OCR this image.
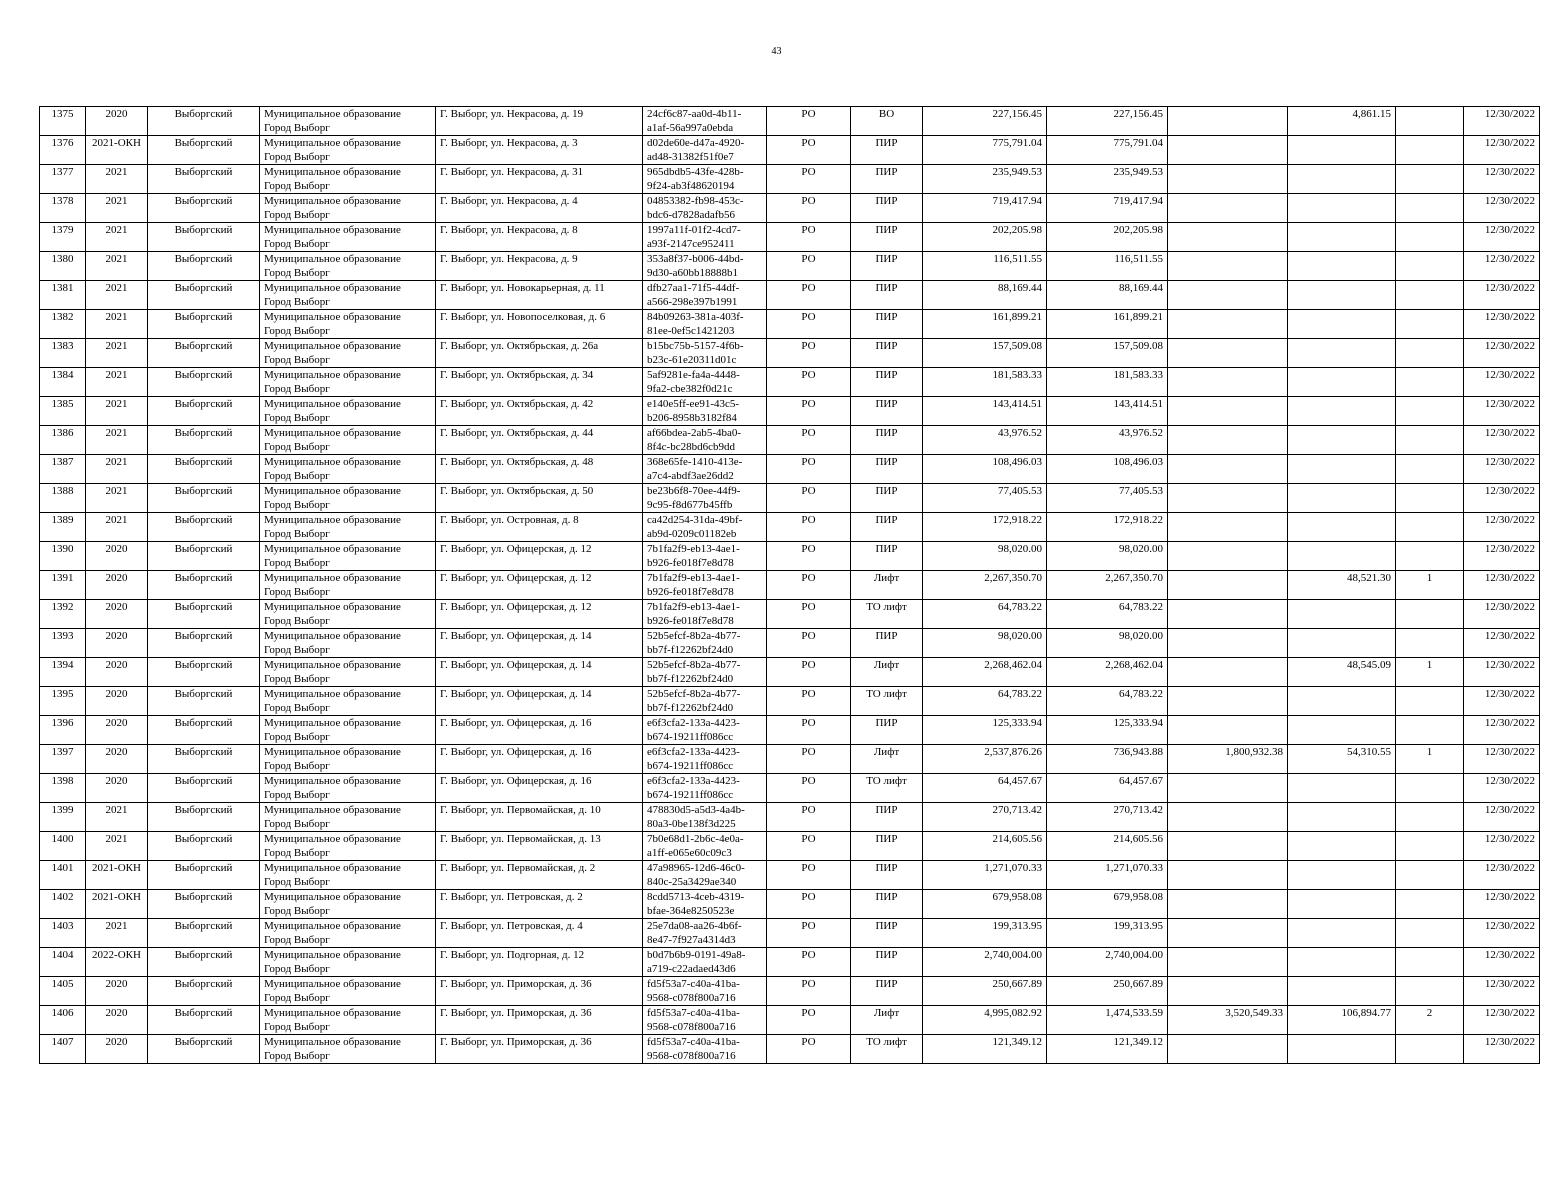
43
1375	2020	Выборгский	Муниципальное образование
Город Выборг	Г. Выборг, ул. Некрасова, д. 19	24cf6c87-aa0d-4b11-
a1af-56a997a0ebda	РО	ВО	227,156.45	227,156.45		4,861.15		12/30/2022
1376	2021-ОКН	Выборгский	Муниципальное образование
Город Выборг	Г. Выборг, ул. Некрасова, д. 3	d02de60e-d47a-4920-
ad48-31382f51f0e7	РО	ПИР	775,791.04	775,791.04				12/30/2022
1377	2021	Выборгский	Муниципальное образование
Город Выборг	Г. Выборг, ул. Некрасова, д. 31	965dbdb5-43fe-428b-
9f24-ab3f48620194	РО	ПИР	235,949.53	235,949.53				12/30/2022
1378	2021	Выборгский	Муниципальное образование
Город Выборг	Г. Выборг, ул. Некрасова, д. 4	04853382-fb98-453c-
bdc6-d7828adafb56	РО	ПИР	719,417.94	719,417.94				12/30/2022
1379	2021	Выборгский	Муниципальное образование
Город Выборг	Г. Выборг, ул. Некрасова, д. 8	1997a11f-01f2-4cd7-
a93f-2147ce952411	РО	ПИР	202,205.98	202,205.98				12/30/2022
1380	2021	Выборгский	Муниципальное образование
Город Выборг	Г. Выборг, ул. Некрасова, д. 9	353a8f37-b006-44bd-
9d30-a60bb18888b1	РО	ПИР	116,511.55	116,511.55				12/30/2022
1381	2021	Выборгский	Муниципальное образование
Город Выборг	Г. Выборг, ул. Новокарьерная, д. 11	dfb27aa1-71f5-44df-
a566-298e397b1991	РО	ПИР	88,169.44	88,169.44				12/30/2022
1382	2021	Выборгский	Муниципальное образование
Город Выборг	Г. Выборг, ул. Новопоселковая, д. 6	84b09263-381a-403f-
81ee-0ef5c1421203	РО	ПИР	161,899.21	161,899.21				12/30/2022
1383	2021	Выборгский	Муниципальное образование
Город Выборг	Г. Выборг, ул. Октябрьская, д. 26а	b15bc75b-5157-4f6b-
b23c-61e20311d01c	РО	ПИР	157,509.08	157,509.08				12/30/2022
1384	2021	Выборгский	Муниципальное образование
Город Выборг	Г. Выборг, ул. Октябрьская, д. 34	5af9281e-fa4a-4448-
9fa2-cbe382f0d21c	РО	ПИР	181,583.33	181,583.33				12/30/2022
1385	2021	Выборгский	Муниципальное образование
Город Выборг	Г. Выборг, ул. Октябрьская, д. 42	e140e5ff-ee91-43c5-
b206-8958b3182f84	РО	ПИР	143,414.51	143,414.51				12/30/2022
1386	2021	Выборгский	Муниципальное образование
Город Выборг	Г. Выборг, ул. Октябрьская, д. 44	af66bdea-2ab5-4ba0-
8f4c-bc28bd6cb9dd	РО	ПИР	43,976.52	43,976.52				12/30/2022
1387	2021	Выборгский	Муниципальное образование
Город Выборг	Г. Выборг, ул. Октябрьская, д. 48	368e65fe-1410-413e-
a7c4-abdf3ae26dd2	РО	ПИР	108,496.03	108,496.03				12/30/2022
1388	2021	Выборгский	Муниципальное образование
Город Выборг	Г. Выборг, ул. Октябрьская, д. 50	be23b6f8-70ee-44f9-
9c95-f8d677b45ffb	РО	ПИР	77,405.53	77,405.53				12/30/2022
1389	2021	Выборгский	Муниципальное образование
Город Выборг	Г. Выборг, ул. Островная, д. 8	ca42d254-31da-49bf-
ab9d-0209c01182eb	РО	ПИР	172,918.22	172,918.22				12/30/2022
1390	2020	Выборгский	Муниципальное образование
Город Выборг	Г. Выборг, ул. Офицерская, д. 12	7b1fa2f9-eb13-4ae1-
b926-fe018f7e8d78	РО	ПИР	98,020.00	98,020.00				12/30/2022
1391	2020	Выборгский	Муниципальное образование
Город Выборг	Г. Выборг, ул. Офицерская, д. 12	7b1fa2f9-eb13-4ae1-
b926-fe018f7e8d78	РО	Лифт	2,267,350.70	2,267,350.70		48,521.30	1	12/30/2022
1392	2020	Выборгский	Муниципальное образование
Город Выборг	Г. Выборг, ул. Офицерская, д. 12	7b1fa2f9-eb13-4ae1-
b926-fe018f7e8d78	РО	ТО лифт	64,783.22	64,783.22				12/30/2022
1393	2020	Выборгский	Муниципальное образование
Город Выборг	Г. Выборг, ул. Офицерская, д. 14	52b5efcf-8b2a-4b77-
bb7f-f12262bf24d0	РО	ПИР	98,020.00	98,020.00				12/30/2022
1394	2020	Выборгский	Муниципальное образование
Город Выборг	Г. Выборг, ул. Офицерская, д. 14	52b5efcf-8b2a-4b77-
bb7f-f12262bf24d0	РО	Лифт	2,268,462.04	2,268,462.04		48,545.09	1	12/30/2022
1395	2020	Выборгский	Муниципальное образование
Город Выборг	Г. Выборг, ул. Офицерская, д. 14	52b5efcf-8b2a-4b77-
bb7f-f12262bf24d0	РО	ТО лифт	64,783.22	64,783.22				12/30/2022
1396	2020	Выборгский	Муниципальное образование
Город Выборг	Г. Выборг, ул. Офицерская, д. 16	e6f3cfa2-133a-4423-
b674-19211ff086cc	РО	ПИР	125,333.94	125,333.94				12/30/2022
1397	2020	Выборгский	Муниципальное образование
Город Выборг	Г. Выборг, ул. Офицерская, д. 16	e6f3cfa2-133a-4423-
b674-19211ff086cc	РО	Лифт	2,537,876.26	736,943.88	1,800,932.38	54,310.55	1	12/30/2022
1398	2020	Выборгский	Муниципальное образование
Город Выборг	Г. Выборг, ул. Офицерская, д. 16	e6f3cfa2-133a-4423-
b674-19211ff086cc	РО	ТО лифт	64,457.67	64,457.67				12/30/2022
1399	2021	Выборгский	Муниципальное образование
Город Выборг	Г. Выборг, ул. Первомайская, д. 10	478830d5-a5d3-4a4b-
80a3-0be138f3d225	РО	ПИР	270,713.42	270,713.42				12/30/2022
1400	2021	Выборгский	Муниципальное образование
Город Выборг	Г. Выборг, ул. Первомайская, д. 13	7b0e68d1-2b6c-4e0a-
a1ff-e065e60c09c3	РО	ПИР	214,605.56	214,605.56				12/30/2022
1401	2021-ОКН	Выборгский	Муниципальное образование
Город Выборг	Г. Выборг, ул. Первомайская, д. 2	47a98965-12d6-46c0-
840c-25a3429ae340	РО	ПИР	1,271,070.33	1,271,070.33				12/30/2022
1402	2021-ОКН	Выборгский	Муниципальное образование
Город Выборг	Г. Выборг, ул. Петровская, д. 2	8cdd5713-4ceb-4319-
bfae-364e8250523e	РО	ПИР	679,958.08	679,958.08				12/30/2022
1403	2021	Выборгский	Муниципальное образование
Город Выборг	Г. Выборг, ул. Петровская, д. 4	25e7da08-aa26-4b6f-
8e47-7f927a4314d3	РО	ПИР	199,313.95	199,313.95				12/30/2022
1404	2022-ОКН	Выборгский	Муниципальное образование
Город Выборг	Г. Выборг, ул. Подгорная, д. 12	b0d7b6b9-0191-49a8-
a719-c22adaed43d6	РО	ПИР	2,740,004.00	2,740,004.00				12/30/2022
1405	2020	Выборгский	Муниципальное образование
Город Выборг	Г. Выборг, ул. Приморская, д. 36	fd5f53a7-c40a-41ba-
9568-c078f800a716	РО	ПИР	250,667.89	250,667.89				12/30/2022
1406	2020	Выборгский	Муниципальное образование
Город Выборг	Г. Выборг, ул. Приморская, д. 36	fd5f53a7-c40a-41ba-
9568-c078f800a716	РО	Лифт	4,995,082.92	1,474,533.59	3,520,549.33	106,894.77	2	12/30/2022
1407	2020	Выборгский	Муниципальное образование
Город Выборг	Г. Выборг, ул. Приморская, д. 36	fd5f53a7-c40a-41ba-
9568-c078f800a716	РО	ТО лифт	121,349.12	121,349.12				12/30/2022
